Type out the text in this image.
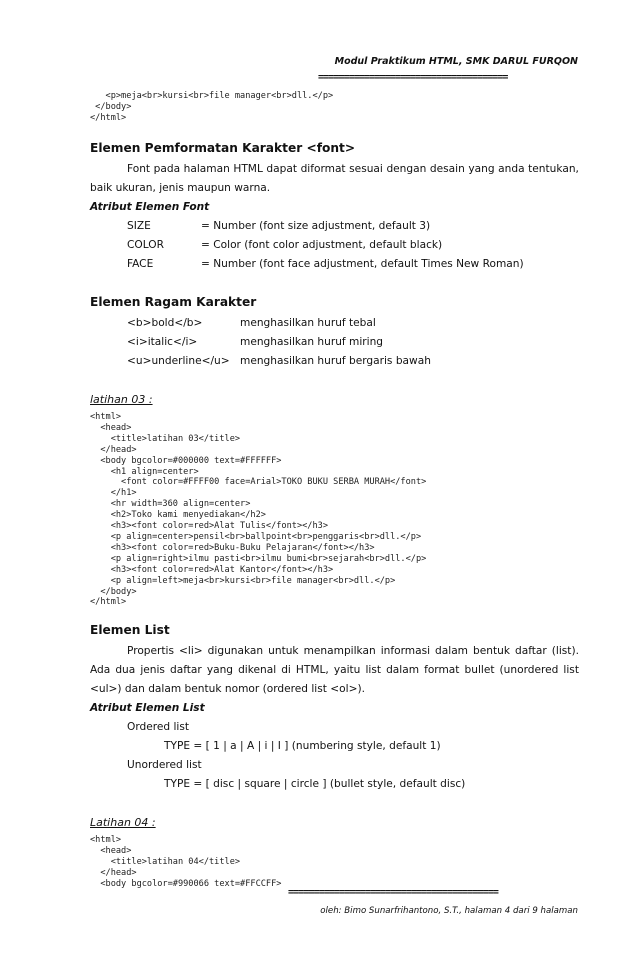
Modul Praktikum HTML, SMK DARUL FURQON
=====================================
<p>meja<br>kursi<br>file manager<br>dll.</p>
</body>
</html>
Elemen Pemformatan Karakter <font>
Font pada halaman HTML dapat diformat sesuai dengan desain yang anda tentukan,
baik ukuran, jenis maupun warna.
Atribut Elemen Font
SIZE	= Number (font size adjustment, default 3)
COLOR	= Color (font color adjustment, default black)
FACE	= Number (font face adjustment, default Times New Roman)
Elemen Ragam Karakter
<b>bold</b>	menghasilkan huruf tebal
<i>italic</i>	menghasilkan huruf miring
<u>underline</u> menghasilkan huruf bergaris bawah
latihan 03 :
<html>
<head>
<title>latihan 03</title>
</head>
<body bgcolor=#000000 text=#FFFFFF>
<h1 align=center>
<font color=#FFFF00 face=Arial>TOKO BUKU SERBA MURAH</font>
</h1>
<hr width=360 align=center>
<h2>Toko kami menyediakan</h2>
<h3><font color=red>Alat Tulis</font></h3>
<p align=center>pensil<br>ballpoint<br>penggaris<br>dll.</p>
<h3><font color=red>Buku-Buku Pelajaran</font></h3>
<p align=right>ilmu pasti<br>ilmu bumi<br>sejarah<br>dll.</p>
<h3><font color=red>Alat Kantor</font></h3>
<p align=left>meja<br>kursi<br>file manager<br>dll.</p>
</body>
</html>
Elemen List
Propertis <li> digunakan untuk menampilkan informasi dalam bentuk daftar (list).
Ada dua jenis daftar yang dikenal di HTML, yaitu list dalam format bullet (unordered list
<ul>) dan dalam bentuk nomor (ordered list <ol>).
Atribut Elemen List
Ordered list
TYPE = [ 1 | a | A | i | I ] (numbering style, default 1)
Unordered list
TYPE = [ disc | square | circle ] (bullet style, default disc)
Latihan 04 :
<html>
<head>
<title>latihan 04</title>
</head>
<body bgcolor=#990066 text=#FFCCFF>
=========================================
oleh: Bimo Sunarfrihantono, S.T., halaman 4 dari 9 halaman
